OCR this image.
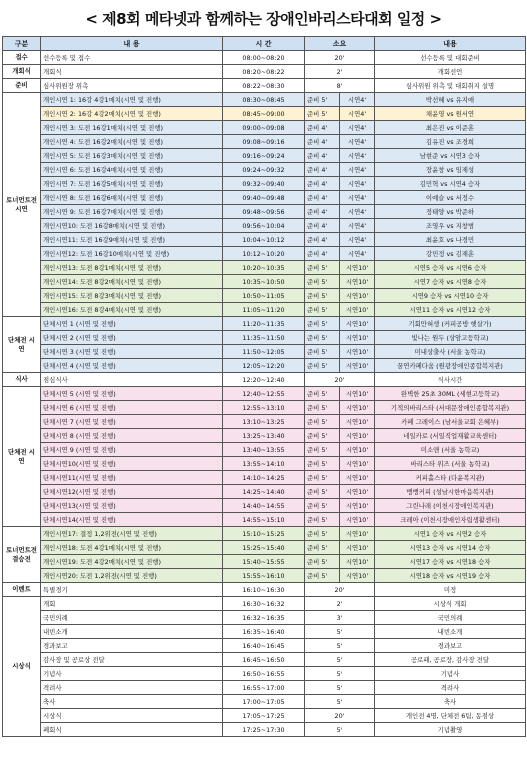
< 제8회 메타넷과 함께하는 장애인바리스타대회 일정 >
구분	내 용	시 간	소요		내용
접수	선수등록 및 접수	08:00~08:20	20'		선수등록 및 대회준비
개회식	개회식	08:20~08:22	2'		개회선언
준비	심사위원장 위촉	08:22~08:30	8'		심사위원 위촉 및 대회취지 설명
토너먼트전 시연	개인시연 1: 16강 4강1매치(시연 및 진행)	08:30~08:45	준비 5'	시연4'	박선혜 vs 유지애
	개인시연 2: 16강 4강2매치(시연 및 진행)	08:45~09:00	준비 5'	시연4'	채윤영 vs 원서연
	개인시연 3: 도전 16강1매치(시연 및 진행)	09:00~09:08	준비 4'	시연4'	최은진 vs 이준훈
	개인시연 4: 도전 16강2매치(시연 및 진행)	09:08~09:16	준비 4'	시연4'	김유진 vs 조경희
	개인시연 5: 도전 16강3매치(시연 및 진행)	09:16~09:24	준비 4'	시연4'	남현준 vs 시연3 승자
	개인시연 6: 도전 16강4매치(시연 및 진행)	09:24~09:32	준비 4'	시연4'	장윤창 vs 임제성
	개인시연 7: 도전 16강5매치(시연 및 진행)	09:32~09:40	준비 4'	시연4'	김민혁 vs 시연4 승자
	개인시연 8: 도전 16강6매치(시연 및 진행)	09:40~09:48	준비 4'	시연4'	이예슬 vs 서정수
	개인시연 9: 도전 16강7매치(시연 및 진행)	09:48~09:56	준비 4'	시연4'	정태양 vs 박준하
	개인시연10: 도전 16강8매치(시연 및 진행)	09:56~10:04	준비 4'	시연4'	조영우 vs 지창범
	개인시연11: 도전 16강9매치(시연 및 진행)	10:04~10:12	준비 4'	시연4'	최윤호 vs 나경민
	개인시연12: 도전 16강10매치(시연 및 진행)	10:12~10:20	준비 4'	시연4'	강민정 vs 김재훈
	개인시연13: 도전 8강1매치(시연 및 진행)	10:20~10:35	준비 5'	시연10'	시연5 승자 vs 시연6 승자
	개인시연14: 도전 8강2매치(시연 및 진행)	10:35~10:50	준비 5'	시연10'	시연7 승자 vs 시연8 승자
	개인시연15: 도전 8강3매치(시연 및 진행)	10:50~11:05	준비 5'	시연10'	시연9 승자 vs 시연10 승자
	개인시연16: 도전 8강4매치(시연 및 진행)	11:05~11:20	준비 5'	시연10'	시연11 승자 vs 시연12 승자
단체전 시연	단체시연 1 (시연 및 진행)	11:20~11:35	준비 5'	시연10'	기회만혀생 (커피공방 햇살가)
	단체시연 2 (시연 및 진행)	11:35~11:50	준비 5'	시연10'	빛나는 원두 (상암고등학교)
	단체시연 3 (시연 및 진행)	11:50~12:05	준비 5'	시연10'	미내상출사 (서울 농학교)
	단체시연 4 (시연 및 진행)	12:05~12:20	준비 5'	시연10'	꿈연카페다움 (원광장애인종합복지관)
식사	점심식사	12:20~12:40	20'		식사시간
단체전 시연	단체시연 5 (시연 및 진행)	12:40~12:55	준비 5'	시연10'	완벽한 25초 30ML (세현고등학교)
	단체시연 6 (시연 및 진행)	12:55~13:10	준비 5'	시연10'	기적의바리스타 (서대문장애인종합복지관)
	단체시연 7 (시연 및 진행)	13:10~13:25	준비 5'	시연10'	카페 그레이스 (남서울교회 은혜부)
	단체시연 8 (시연 및 진행)	13:25~13:40	준비 5'	시연10'	네일카로 (서일직업재활교육센터)
	단체시연 9 (시연 및 진행)	13:40~13:55	준비 5'	시연10'	미소앤 (서울 농학교)
	단체시연10(시연 및 진행)	13:55~14:10	준비 5'	시연10'	바리스타 위즈 (서울 농학교)
	단체시연11(시연 및 진행)	14:10~14:25	준비 5'	시연10'	커피홀스타 (다윤복지관)
	단체시연12(시연 및 진행)	14:25~14:40	준비 5'	시연10'	뱅뱅커피 (성남시한마음복지관)
	단체시연13(시연 및 진행)	14:40~14:55	준비 5'	시연10'	그린나래 (이천시장애인복지관)
	단체시연14(시연 및 진행)	14:55~15:10	준비 5'	시연10'	크레아 (이천시장애인자립생활센터)
토너먼트전 결승전	개인시연17: 결정 1,2위전(시연 및 진행)	15:10~15:25	준비 5'	시연10'	시연1 승자 vs 시연2 승자
	개인시연18: 도전 4강1매치(시연 및 진행)	15:25~15:40	준비 5'	시연10'	시연13 승자 vs 시연14 승자
	개인시연19: 도전 4강2매치(시연 및 진행)	15:40~15:55	준비 5'	시연10'	시연17 승자 vs 시연18 승자
	개인시연20: 도전 1,2위전(시연 및 진행)	15:55~16:10	준비 5'	시연10'	시연18 승자 vs 시연19 승자
이벤트	특별경기	16:10~16:30	20'		미정
시상식	개회	16:30~16:32	2'		시상식 개회
	국민의례	16:32~16:35	3'		국민의례
	내빈소개	16:35~16:40	5'		내빈소개
	경과보고	16:40~16:45	5'		경과보고
	감사장 및 공로상 전달	16:45~16:50	5'		공로패, 공로장, 감사장 전달
	기념사	16:50~16:55	5'		기념사
	격려사	16:55~17:00	5'		격려사
	축사	17:00~17:05	5'		축사
	시상식	17:05~17:25	20'		개인전 4명, 단체전 6팀, 동점상
	폐회식	17:25~17:30	5'		기념촬영
